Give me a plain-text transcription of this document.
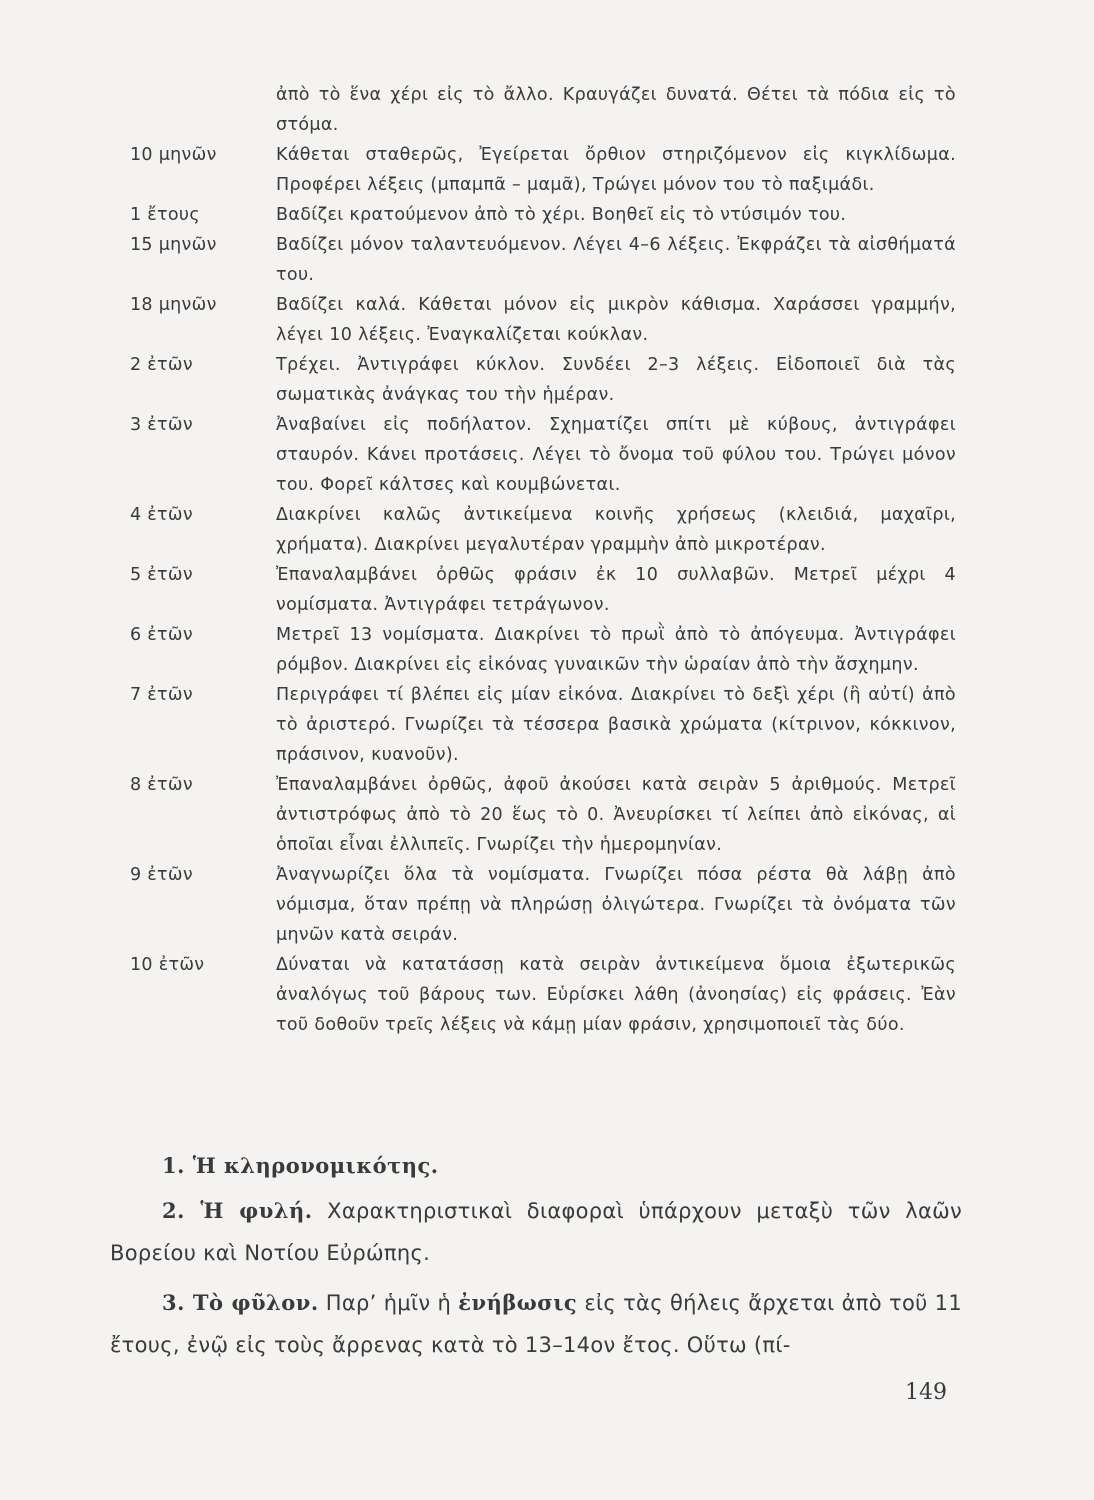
ἀπὸ τὸ ἕνα χέρι εἰς τὸ ἄλλο. Κραυγάζει δυνατά. Θέτει τὰ πόδια εἰς τὸ στόμα.
10 μηνῶν	Κάθεται σταθερῶς, Ἐγείρεται ὄρθιον στηριζόμενον εἰς κιγκλίδωμα. Προφέρει λέξεις (μπαμπᾶ – μαμᾶ), Τρώγει μόνον του τὸ παξιμάδι.
1 ἔτους	Βαδίζει κρατούμενον ἀπὸ τὸ χέρι. Βοηθεῖ εἰς τὸ ντύσιμόν του.
15 μηνῶν	Βαδίζει μόνον ταλαντευόμενον. Λέγει 4–6 λέξεις. Ἐκφράζει τὰ αἰσθήματά του.
18 μηνῶν	Βαδίζει καλά. Κάθεται μόνον εἰς μικρὸν κάθισμα. Χαράσσει γραμμήν, λέγει 10 λέξεις. Ἐναγκαλίζεται κούκλαν.
2 ἐτῶν	Τρέχει. Ἀντιγράφει κύκλον. Συνδέει 2–3 λέξεις. Εἰδοποιεῖ διὰ τὰς σωματικὰς ἀνάγκας του τὴν ἡμέραν.
3 ἐτῶν	Ἀναβαίνει εἰς ποδήλατον. Σχηματίζει σπίτι μὲ κύβους, ἀντιγράφει σταυρόν. Κάνει προτάσεις. Λέγει τὸ ὄνομα τοῦ φύλου του. Τρώγει μόνον του. Φορεῖ κάλτσες καὶ κουμβώνεται.
4 ἐτῶν	Διακρίνει καλῶς ἀντικείμενα κοινῆς χρήσεως (κλειδιά, μαχαῖρι, χρήματα). Διακρίνει μεγαλυτέραν γραμμὴν ἀπὸ μικροτέραν.
5 ἐτῶν	Ἐπαναλαμβάνει ὀρθῶς φράσιν ἐκ 10 συλλαβῶν. Μετρεῖ μέχρι 4 νομίσματα. Ἀντιγράφει τετράγωνον.
6 ἐτῶν	Μετρεῖ 13 νομίσματα. Διακρίνει τὸ πρωῒ ἀπὸ τὸ ἀπόγευμα. Ἀντιγράφει ρόμβον. Διακρίνει εἰς εἰκόνας γυναικῶν τὴν ὡραίαν ἀπὸ τὴν ἄσχημην.
7 ἐτῶν	Περιγράφει τί βλέπει εἰς μίαν εἰκόνα. Διακρίνει τὸ δεξὶ χέρι (ἢ αὐτί) ἀπὸ τὸ ἀριστερό. Γνωρίζει τὰ τέσσερα βασικὰ χρώματα (κίτρινον, κόκκινον, πράσινον, κυανοῦν).
8 ἐτῶν	Ἐπαναλαμβάνει ὀρθῶς, ἀφοῦ ἀκούσει κατὰ σειρὰν 5 ἀριθμούς. Μετρεῖ ἀντιστρόφως ἀπὸ τὸ 20 ἕως τὸ 0. Ἀνευρίσκει τί λείπει ἀπὸ εἰκόνας, αἱ ὁποῖαι εἶναι ἐλλιπεῖς. Γνωρίζει τὴν ἡμερομηνίαν.
9 ἐτῶν	Ἀναγνωρίζει ὅλα τὰ νομίσματα. Γνωρίζει πόσα ρέστα θὰ λάβῃ ἀπὸ νόμισμα, ὅταν πρέπῃ νὰ πληρώσῃ ὀλιγώτερα. Γνωρίζει τὰ ὀνόματα τῶν μηνῶν κατὰ σειράν.
10 ἐτῶν	Δύναται νὰ κατατάσσῃ κατὰ σειρὰν ἀντικείμενα ὅμοια ἐξωτερικῶς ἀναλόγως τοῦ βάρους των. Εὑρίσκει λάθη (ἀνοησίας) εἰς φράσεις. Ἐὰν τοῦ δοθοῦν τρεῖς λέξεις νὰ κάμῃ μίαν φράσιν, χρησιμοποιεῖ τὰς δύο.
1. Ἡ κληρονομικότης.
2. Ἡ φυλή. Χαρακτηριστικαὶ διαφοραὶ ὑπάρχουν μεταξὺ τῶν λαῶν Βορείου καὶ Νοτίου Εὐρώπης.
3. Τὸ φῦλον. Παρ’ ἡμῖν ἡ ἐνήβωσις εἰς τὰς θήλεις ἄρχεται ἀπὸ τοῦ 11 ἔτους, ἐνῷ εἰς τοὺς ἄρρενας κατὰ τὸ 13–14ον ἔτος. Οὕτω (πί-
149
